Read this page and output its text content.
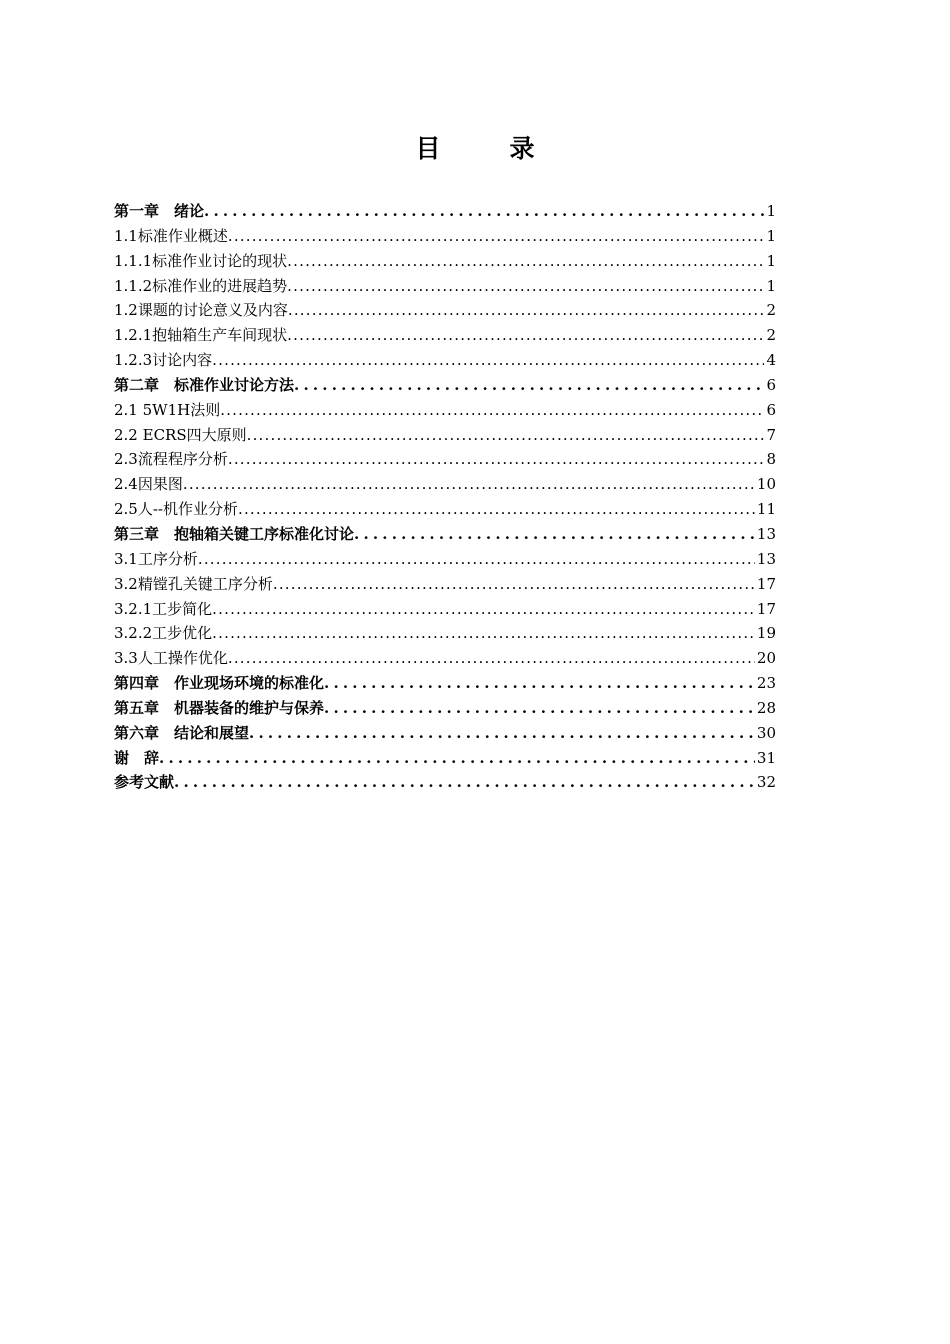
目　录
第一章　绪论 .....	1
1.1标准作业概述 .....	1
1.1.1标准作业讨论的现状 .....	1
1.1.2标准作业的进展趋势 .....	1
1.2课题的讨论意义及内容 .....	2
1.2.1抱轴箱生产车间现状 .....	2
1.2.3讨论内容 .....	4
第二章　标准作业讨论方法 .....	6
2.1 5W1H法则 .....	6
2.2 ECRS四大原则 .....	7
2.3流程程序分析 .....	8
2.4因果图 .....	10
2.5人--机作业分析 .....	11
第三章　抱轴箱关键工序标准化讨论 .....	13
3.1工序分析 .....	13
3.2精镗孔关键工序分析 .....	17
3.2.1工步简化 .....	17
3.2.2工步优化 .....	19
3.3人工操作优化 .....	20
第四章　作业现场环境的标准化 .....	23
第五章　机器装备的维护与保养 .....	28
第六章　结论和展望 .....	30
谢　辞 .....	31
参考文献 .....	32
